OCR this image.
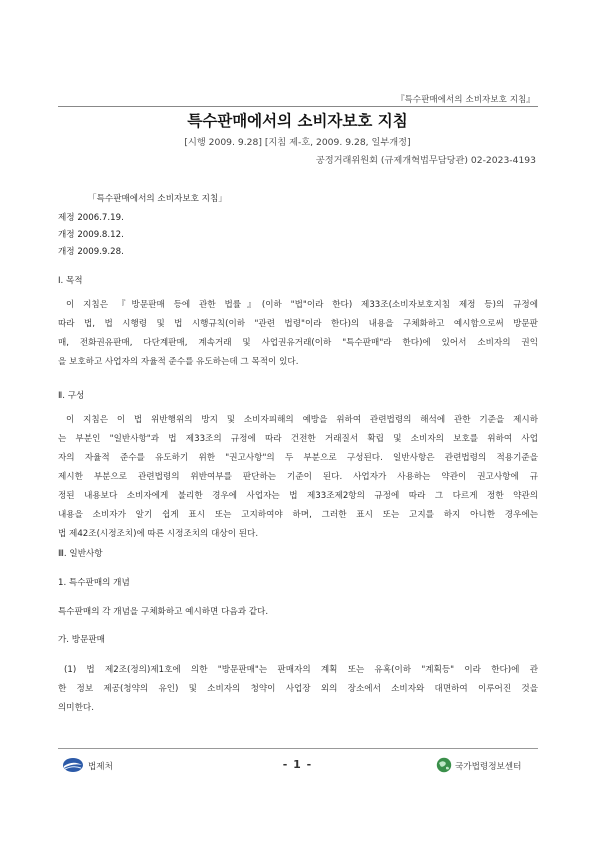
『특수판매에서의 소비자보호 지침』
특수판매에서의 소비자보호 지침
[시행 2009. 9.28] [지침 제-호, 2009. 9.28, 일부개정]
공정거래위원회 (규제개혁법무담당관) 02-2023-4193
「특수판매에서의 소비자보호 지침」
제정 2006.7.19.
개정 2009.8.12.
개정 2009.9.28.
Ⅰ. 목적
이 지침은 『방문판매 등에 관한 법률』(이하 "법"이라 한다) 제33조(소비자보호지침 제정 등)의 규정에
따라 법, 법 시행령 및 법 시행규칙(이하 "관련 법령"이라 한다)의 내용을 구체화하고 예시함으로써 방문판
매, 전화권유판매, 다단계판매, 계속거래 및 사업권유거래(이하 "특수판매"라 한다)에 있어서 소비자의 권익
을 보호하고 사업자의 자율적 준수를 유도하는데 그 목적이 있다.
Ⅱ. 구성
이 지침은 이 법 위반행위의 방지 및 소비자피해의 예방을 위하여 관련법령의 해석에 관한 기준을 제시하
는 부분인 "일반사항"과 법 제33조의 규정에 따라 건전한 거래질서 확립 및 소비자의 보호를 위하여 사업
자의 자율적 준수를 유도하기 위한 "권고사항"의 두 부분으로 구성된다. 일반사항은 관련법령의 적용기준을
제시한 부분으로 관련법령의 위반여부를 판단하는 기준이 된다. 사업자가 사용하는 약관이 권고사항에 규
정된 내용보다 소비자에게 불리한 경우에 사업자는 법 제33조제2항의 규정에 따라 그 다르게 정한 약관의
내용을 소비자가 알기 쉽게 표시 또는 고지하여야 하며, 그러한 표시 또는 고지를 하지 아니한 경우에는
법 제42조(시정조치)에 따른 시정조치의 대상이 된다.
Ⅲ. 일반사항
1. 특수판매의 개념
특수판매의 각 개념을 구체화하고 예시하면 다음과 같다.
가. 방문판매
(1) 법 제2조(정의)제1호에 의한 "방문판매"는 판매자의 계획 또는 유혹(이하 "계획등" 이라 한다)에 관
한 정보 제공(청약의 유인) 및 소비자의 청약이 사업장 외의 장소에서 소비자와 대면하여 이루어진 것을
의미한다.
법제처	- 1 -	국가법령정보센터
